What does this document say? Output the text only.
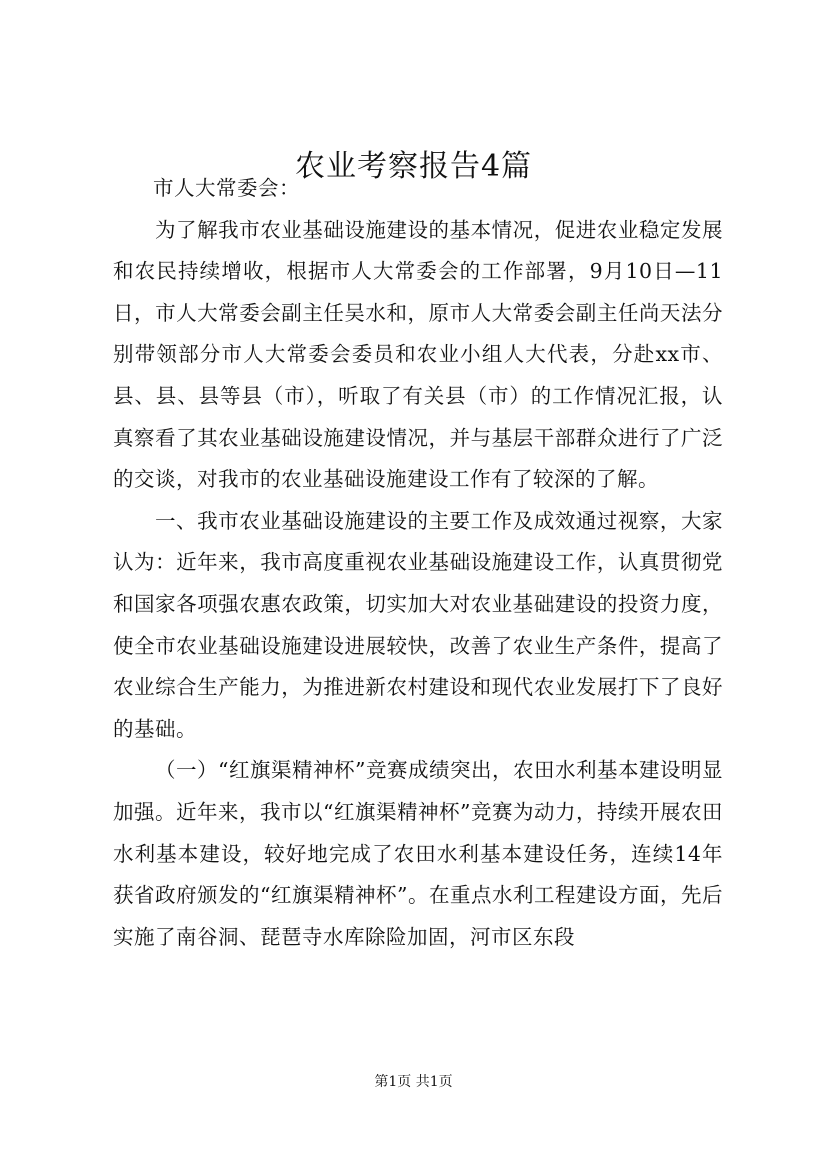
农业考察报告4篇

市人大常委会：

为了解我市农业基础设施建设的基本情况，促进农业稳定发展和农民持续增收，根据市人大常委会的工作部署，9月10日—11日，市人大常委会副主任吴水和，原市人大常委会副主任尚天法分别带领部分市人大常委会委员和农业小组人大代表，分赴xx市、县、县、县等县（市），听取了有关县（市）的工作情况汇报，认真察看了其农业基础设施建设情况，并与基层干部群众进行了广泛的交谈，对我市的农业基础设施建设工作有了较深的了解。

一、我市农业基础设施建设的主要工作及成效通过视察，大家认为：近年来，我市高度重视农业基础设施建设工作，认真贯彻党和国家各项强农惠农政策，切实加大对农业基础建设的投资力度，使全市农业基础设施建设进展较快，改善了农业生产条件，提高了农业综合生产能力，为推进新农村建设和现代农业发展打下了良好的基础。

（一）“红旗渠精神杯”竞赛成绩突出，农田水利基本建设明显加强。近年来，我市以“红旗渠精神杯”竞赛为动力，持续开展农田水利基本建设，较好地完成了农田水利基本建设任务，连续14年获省政府颁发的“红旗渠精神杯”。在重点水利工程建设方面，先后实施了南谷洞、琵琶寺水库除险加固，河市区东段

第1页 共1页
